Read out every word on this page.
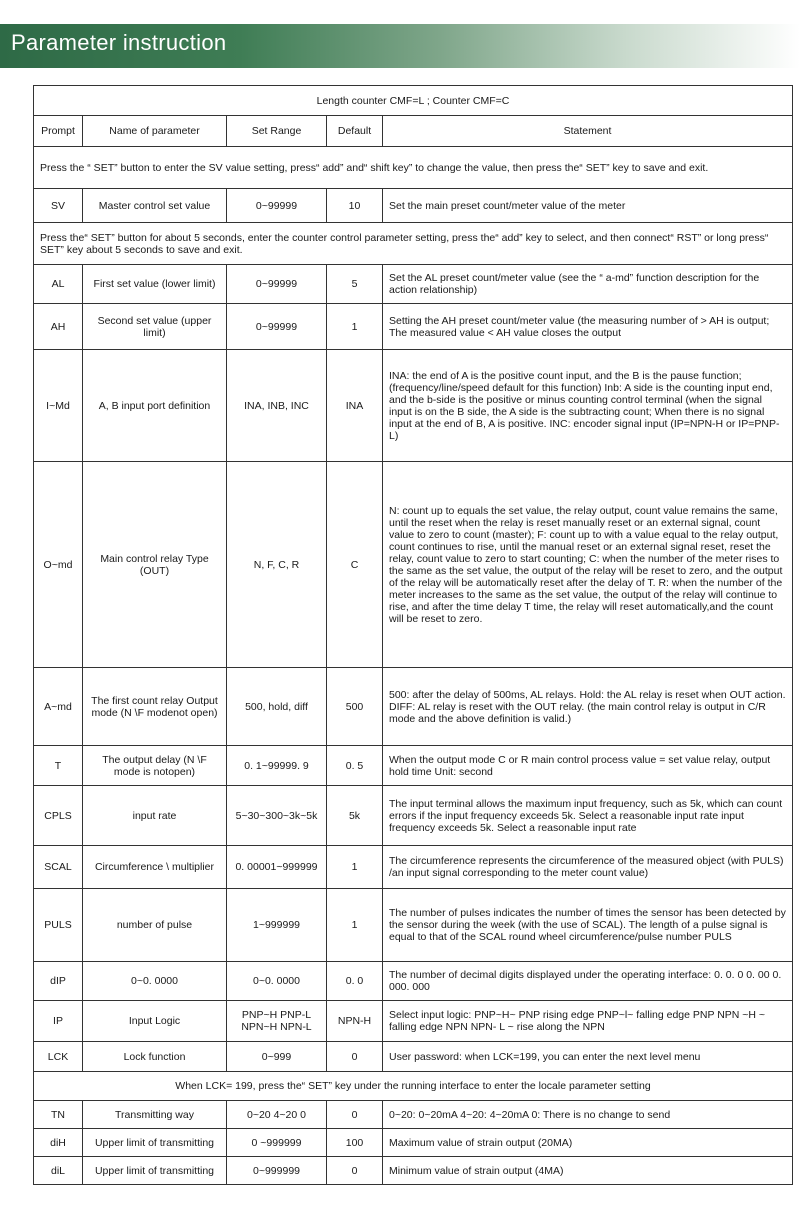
Parameter instruction
Length counter CMF=L ; Counter CMF=C				
Prompt	Name of parameter	Set Range	Default	Statement
Press the “ SET” button to enter the SV value setting, press“ add” and“ shift key” to change the value, then press the“ SET” key to save and exit.				
SV	Master control set value	0~99999	10	Set the main preset count/meter value of the meter
Press the“ SET” button for about 5 seconds, enter the counter control parameter setting, press the“ add” key to select, and then connect“ RST” or long press“ SET” key about 5 seconds to save and exit.				
AL	First set value (lower limit)	0~99999	5	Set the AL preset count/meter value (see the “ a-md” function description for the action relationship)
AH	Second set value (upper limit)	0~99999	1	Setting the AH preset count/meter value (the measuring number of > AH is output; The measured value < AH value closes the output
I~Md	A, B input port definition	INA, INB, INC	INA	INA: the end of A is the positive count input, and the B is the pause function; (frequency/line/speed default for this function) Inb: A side is the counting input end, and the b-side is the positive or minus counting control terminal (when the signal input is on the B side, the A side is the subtracting count; When there is no signal input at the end of B, A is positive. INC: encoder signal input (IP=NPN-H or IP=PNP-L)
O~md	Main control relay Type (OUT)	N, F, C, R	C	N: count up to equals the set value, the relay output, count value remains the same, until the reset when the relay is reset manually reset or an external signal, count value to zero to count (master); F: count up to with a value equal to the relay output, count continues to rise, until the manual reset or an external signal reset, reset the relay, count value to zero to start counting; C: when the number of the meter rises to the same as the set value, the output of the relay will be reset to zero, and the output of the relay will be automatically reset after the delay of T. R: when the number of the meter increases to the same as the set value, the output of the relay will continue to rise, and after the time delay T time, the relay will reset automatically,and the count will be reset to zero.
A~md	The first count relay Output mode (N \F modenot open)	500, hold, diff	500	500: after the delay of 500ms, AL relays. Hold: the AL relay is reset when OUT action. DIFF: AL relay is reset with the OUT relay. (the main control relay is output in C/R mode and the above definition is valid.)
T	The output delay (N \F mode is notopen)	0. 1~99999. 9	0. 5	When the output mode C or R main control process value = set value relay, output hold time Unit: second
CPLS	input rate	5~30~300~3k~5k	5k	The input terminal allows the maximum input frequency, such as 5k, which can count errors if the input frequency exceeds 5k. Select a reasonable input rate input frequency exceeds 5k. Select a reasonable input rate
SCAL	Circumference \ multiplier	0. 00001~999999	1	The circumference represents the circumference of the measured object (with PULS) /an input signal corresponding to the meter count value)
PULS	number of pulse	1~999999	1	The number of pulses indicates the number of times the sensor has been detected by the sensor during the week (with the use of SCAL). The length of a pulse signal is equal to that of the SCAL round wheel circumference/pulse number PULS
dIP	0~0. 0000	0~0. 0000	0. 0	The number of decimal digits displayed under the operating interface: 0. 0. 0 0. 00 0. 000. 000
IP	Input Logic	PNP~H PNP-L NPN~H NPN-L	NPN-H	Select input logic: PNP~H~ PNP rising edge PNP~l~ falling edge PNP NPN ~H ~ falling edge NPN NPN- L ~ rise along the NPN
LCK	Lock function	0~999	0	User password: when LCK=199, you can enter the next level menu
When LCK= 199, press the“ SET” key under the running interface to enter the locale parameter setting				
TN	Transmitting way	0~20 4~20 0	0	0~20: 0~20mA 4~20: 4~20mA 0: There is no change to send
diH	Upper limit of transmitting	0 ~999999	100	Maximum value of strain output (20MA)
diL	Upper limit of transmitting	0~999999	0	Minimum value of strain output (4MA)
